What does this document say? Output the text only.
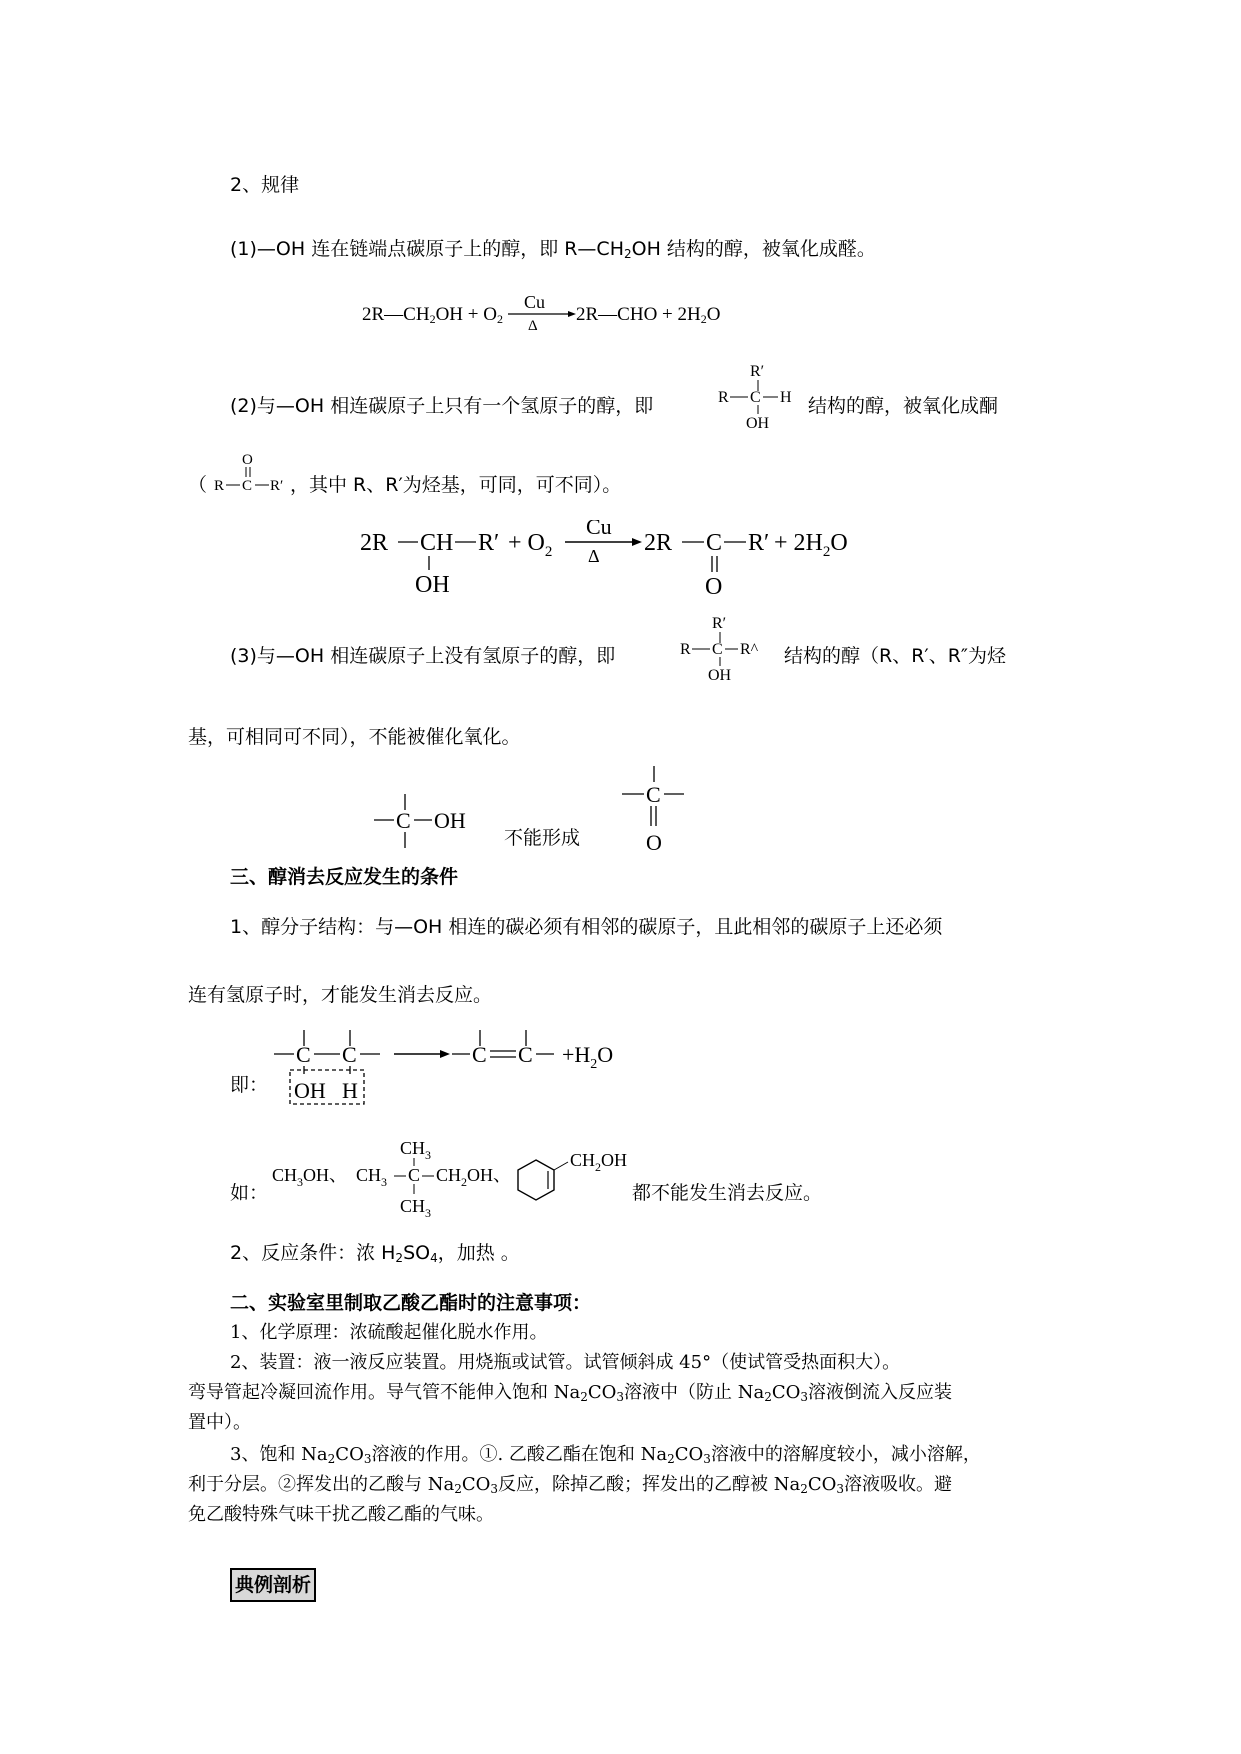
2、规律
(1)—OH 连在链端点碳原子上的醇，即 $R—CH_2OH$ 结构的醇，被氧化成醛。
$2R—CH_2OH + O_2$
Cu
Δ
2R—CHO + $2H_2O$
(2)与—OH 相连碳原子上只有一个氢原子的醇，即
R′
R C H
OH
结构的醇，被氧化成酮
（
O
R C R′ ，其中 R、R′为烃基，可同，可不同）。
2R CH R′
OH
+ $O_2$
Cu
Δ 2R C R′
O
+ $2H_2O$
(3)与—OH 相连碳原子上没有氢原子的醇，即
R′
R C R^
OH
结构的醇（R、R′、R″为烃
基，可相同可不同），不能被催化氧化。
C OH
不能形成
C
O
三、醇消去反应发生的条件
1、醇分子结构：与—OH 相连的碳必须有相邻的碳原子，且此相邻的碳原子上还必须
连有氢原子时，才能发生消去反应。
即：
C C
OH H
C $C +H_2O$
如：
$CH_3OH$、 $CH_3$ C $CH_2OH$、
$CH_3$
$CH_3$
$CH_2OH$
都不能发生消去反应。
2、反应条件：浓 $H_2SO_4$，加热 。
二、实验室里制取乙酸乙酯时的注意事项：
1、化学原理：浓硫酸起催化脱水作用。
2、装置：液一液反应装置。用烧瓶或试管。试管倾斜成 45°（使试管受热面积大）。
弯导管起冷凝回流作用。导气管不能伸入饱和 $Na_2CO_3$溶液中（防止 $Na_2CO_3$溶液倒流入反应装
置中）。
3、饱和 $Na_2CO_3$溶液的作用。①. 乙酸乙酯在饱和 $Na_2CO_3$溶液中的溶解度较小，减小溶解，
利于分层。②挥发出的乙酸与 $Na_2CO_3$反应，除掉乙酸；挥发出的乙醇被 $Na_2CO_3$溶液吸收。避
免乙酸特殊气味干扰乙酸乙酯的气味。
典例剖析
